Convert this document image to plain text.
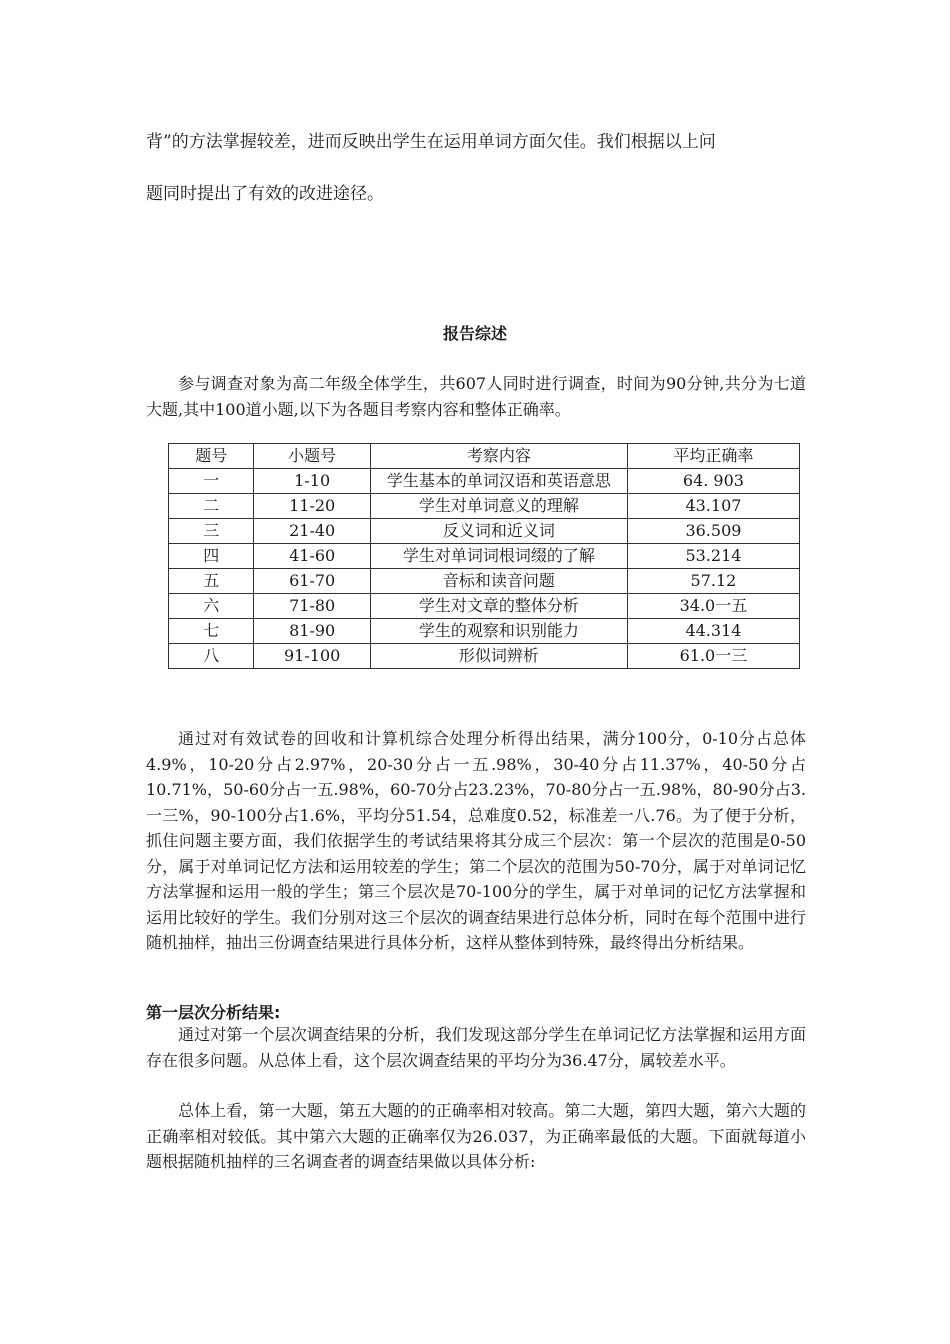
背”的方法掌握较差，进而反映出学生在运用单词方面欠佳。我们根据以上问

题同时提出了有效的改进途径。

报告综述

参与调查对象为高二年级全体学生，共607人同时进行调查，时间为90分钟,共分为七道大题,其中100道小题,以下为各题目考察内容和整体正确率。

题号	小题号	考察内容	平均正确率
一	1-10	学生基本的单词汉语和英语意思	64. 903
二	11-20	学生对单词意义的理解	43.107
三	21-40	反义词和近义词	36.509
四	41-60	学生对单词词根词缀的了解	53.214
五	61-70	音标和读音问题	57.12
六	71-80	学生对文章的整体分析	34.0一五
七	81-90	学生的观察和识别能力	44.314
八	91-100	形似词辨析	61.0一三

通过对有效试卷的回收和计算机综合处理分析得出结果，满分100分，0-10分占总体4.9%，10-20分占2.97%，20-30分占一五.98%，30-40分占11.37%，40-50分占10.71%，50-60分占一五.98%，60-70分占23.23%，70-80分占一五.98%，80-90分占3.一三%，90-100分占1.6%，平均分51.54，总难度0.52，标准差一八.76。为了便于分析，抓住问题主要方面，我们依据学生的考试结果将其分成三个层次：第一个层次的范围是0-50分，属于对单词记忆方法和运用较差的学生；第二个层次的范围为50-70分，属于对单词记忆方法掌握和运用一般的学生；第三个层次是70-100分的学生，属于对单词的记忆方法掌握和运用比较好的学生。我们分别对这三个层次的调查结果进行总体分析，同时在每个范围中进行随机抽样，抽出三份调查结果进行具体分析，这样从整体到特殊，最终得出分析结果。

第一层次分析结果:

通过对第一个层次调查结果的分析，我们发现这部分学生在单词记忆方法掌握和运用方面存在很多问题。从总体上看，这个层次调查结果的平均分为36.47分，属较差水平。

总体上看，第一大题，第五大题的的正确率相对较高。第二大题，第四大题，第六大题的正确率相对较低。其中第六大题的正确率仅为26.037，为正确率最低的大题。下面就每道小题根据随机抽样的三名调查者的调查结果做以具体分析:
